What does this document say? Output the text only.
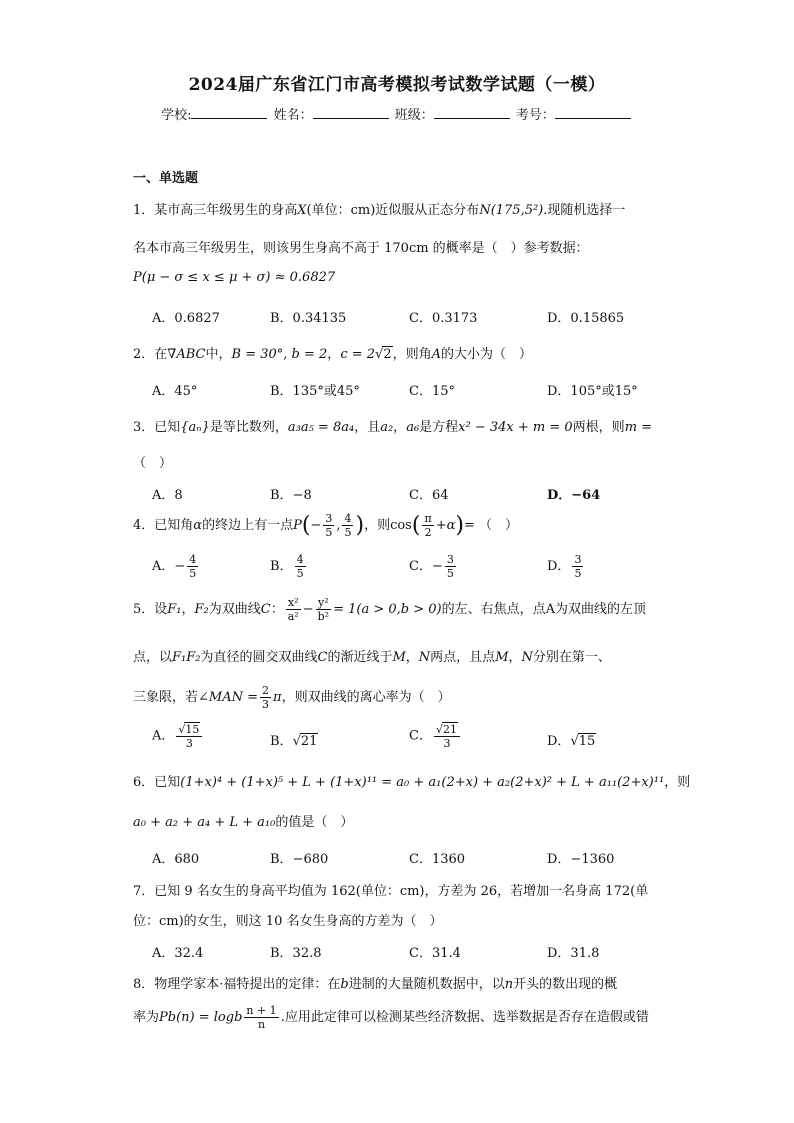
2024届广东省江门市高考模拟考试数学试题（一模）
学校:	姓名：	班级：	考号：
一、单选题
1．某市高三年级男生的身高X(单位：cm)近似服从正态分布N(175,5²).现随机选择一
名本市高三年级男生，则该男生身高不高于 170cm 的概率是（　）参考数据：
P(μ − σ ≤ x ≤ μ + σ) ≈ 0.6827
A．0.6827	B．0.34135	C．0.3173	D．0.15865
2．在∇ABC中，B = 30°, b = 2，c = 2√2，则角A的大小为（　）
A．45°	B．135°或45°	C．15°	D．105°或15°
3．已知{aₙ}是等比数列，a₃a₅ = 8a₄，且a₂，a₆是方程x² − 34x + m = 0两根，则m =
（　）
A．8	B．−8	C．64	D．−64
4．已知角α的终边上有一点$P(- \frac{3}{5}$ , $\frac{4}{5}$ )，则$\cos( \frac{\pi}{2} +\alpha)=$ （　）
A．− $\frac{4}{5}$	B． $\frac{4}{5}$	C．− $\frac{3}{5}$	D． $\frac{3}{5}$
5．设F₁，F₂为双曲线C： $\frac{\text{x²}}{\text{a²}} - \frac{\text{y²}}{\text{b²}} = 1(a > 0,b > 0)$的左、右焦点，点A为双曲线的左顶
点，以F₁F₂为直径的圆交双曲线C的渐近线于M，N两点，且点M，N分别在第一、
三象限，若∠MAN = $\frac{2}{3}$ π，则双曲线的离心率为（　）
A． $\frac{√15}{3}$	B．√21	C． $\frac{√21}{3}$	D．√15
6．已知(1+x)⁴ + (1+x)⁵ + L + (1+x)¹¹ = a₀ + a₁(2+x) + a₂(2+x)² + L + a₁₁(2+x)¹¹，则
a₀ + a₂ + a₄ + L + a₁₀的值是（　）
A．680	B．−680	C．1360	D．−1360
7．已知 9 名女生的身高平均值为 162(单位：cm)，方差为 26，若增加一名身高 172(单
位：cm)的女生，则这 10 名女生身高的方差为（　）
A．32.4	B．32.8	C．31.4	D．31.8
8．物理学家本·福特提出的定律：在b进制的大量随机数据中，以n开头的数出现的概
率为Pb(n) = logb $\frac{n + 1}{n}$ .应用此定律可以检测某些经济数据、选举数据是否存在造假或错
